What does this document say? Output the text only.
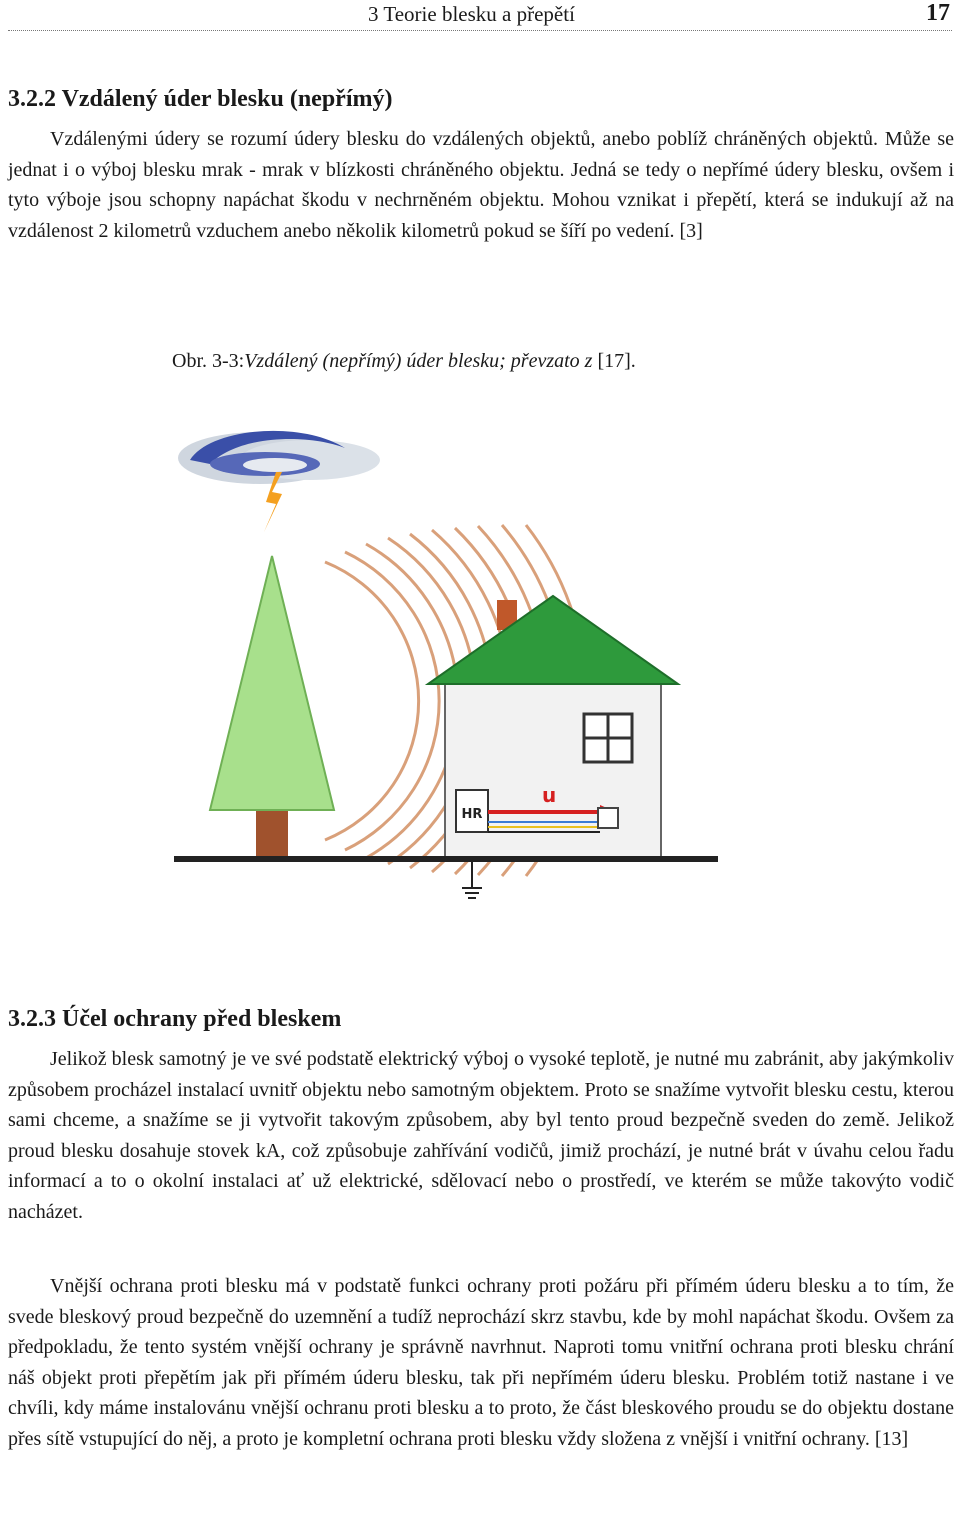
3 Teorie blesku a přepětí	17
3.2.2 Vzdálený úder blesku (nepřímý)

Vzdálenými údery se rozumí údery blesku do vzdálených objektů, anebo poblíž chráněných objektů. Může se jednat i o výboj blesku mrak - mrak v blízkosti chráněného objektu. Jedná se tedy o nepřímé údery blesku, ovšem i tyto výboje jsou schopny napáchat škodu v nechrněném objektu. Mohou vznikat i přepětí, která se indukují až na vzdálenost 2 kilometrů vzduchem anebo několik kilometrů pokud se šíří po vedení. [3]

Obr. 3-3:Vzdálený (nepřímý) úder blesku; převzato z [17].

HR
u
3.2.3 Účel ochrany před bleskem

Jelikož blesk samotný je ve své podstatě elektrický výboj o vysoké teplotě, je nutné mu zabránit, aby jakýmkoliv způsobem procházel instalací uvnitř objektu nebo samotným objektem. Proto se snažíme vytvořit blesku cestu, kterou sami chceme, a snažíme se ji vytvořit takovým způsobem, aby byl tento proud bezpečně sveden do země. Jelikož proud blesku dosahuje stovek kA, což způsobuje zahřívání vodičů, jimiž prochází, je nutné brát v úvahu celou řadu informací a to o okolní instalaci ať už elektrické, sdělovací nebo o prostředí, ve kterém se může takovýto vodič nacházet.

Vnější ochrana proti blesku má v podstatě funkci ochrany proti požáru při přímém úderu blesku a to tím, že svede bleskový proud bezpečně do uzemnění a tudíž neprochází skrz stavbu, kde by mohl napáchat škodu. Ovšem za předpokladu, že tento systém vnější ochrany je správně navrhnut. Naproti tomu vnitřní ochrana proti blesku chrání náš objekt proti přepětím jak při přímém úderu blesku, tak při nepřímém úderu blesku. Problém totiž nastane i ve chvíli, kdy máme instalovánu vnější ochranu proti blesku a to proto, že část bleskového proudu se do objektu dostane přes sítě vstupující do něj, a proto je kompletní ochrana proti blesku vždy složena z vnější i vnitřní ochrany. [13]
